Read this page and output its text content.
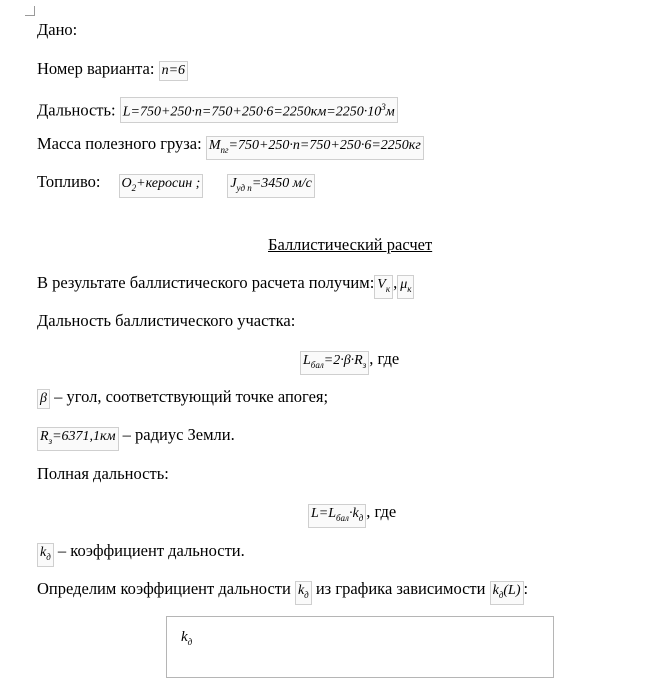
Дано:
Номер варианта: n=6
Дальность: $L=750+250\cdot n=750+250\cdot 6=2250км=2250\cdot 10^3м$
Масса полезного груза: $M_{пг}=750+250\cdot n=750+250\cdot 6=2250кг$
Топливо: $O_2+керосин$ ; $J_{уд п}=3450$ м/с
Баллистический расчет
В результате баллистического расчета получим: $V_к$ , $\mu_к$
Дальность баллистического участка:
$L_{бал}=2\cdot\beta\cdot R_з$ , где
β – угол, соответствующий точке апогея;
$R_з=6371,1км$ – радиус Земли.
Полная дальность:
$L=L_{бал}\cdot k_д$ , где
$k_д$ – коэффициент дальности.
Определим коэффициент дальности $k_д$ из графика зависимости $k_д(L)$ :
$k_д$
